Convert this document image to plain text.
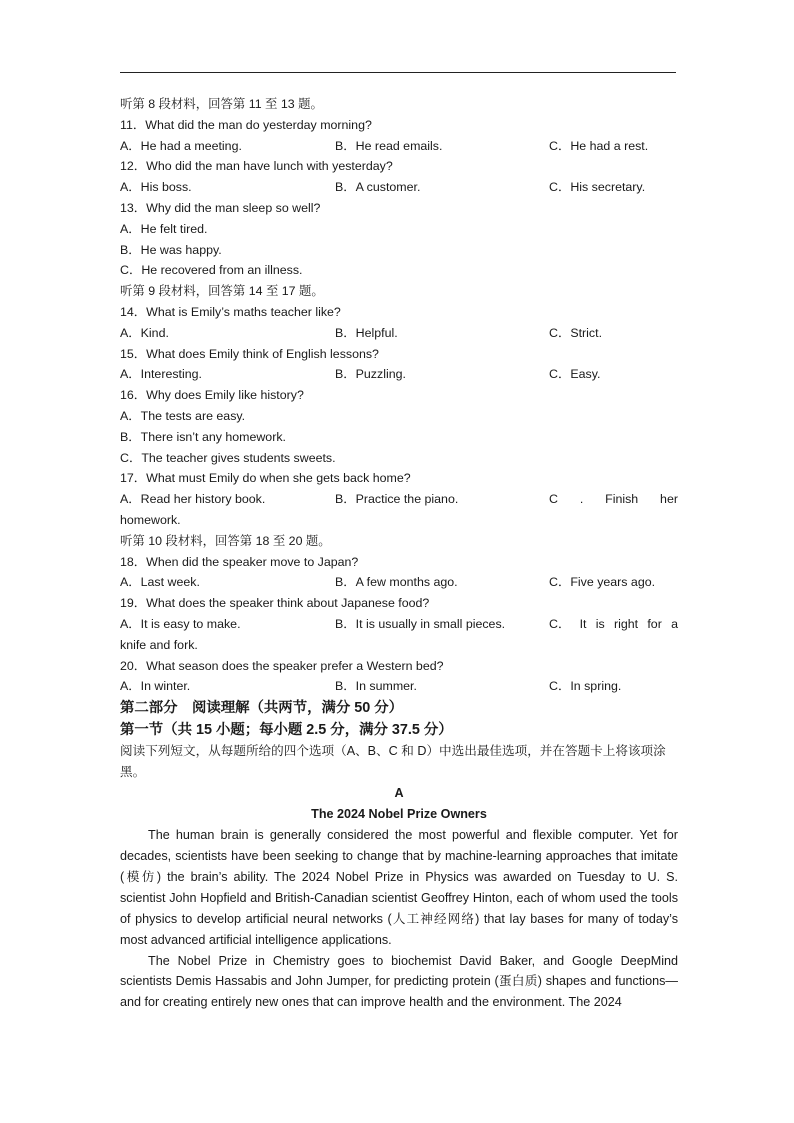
听第 8 段材料，回答第 11 至 13 题。
11．What did the man do yesterday morning?
A．He had a meeting.	B．He read emails.	C．He had a rest.
12．Who did the man have lunch with yesterday?
A．His boss.	B．A customer.	C．His secretary.
13．Why did the man sleep so well?
A．He felt tired.
B．He was happy.
C．He recovered from an illness.
听第 9 段材料，回答第 14 至 17 题。
14．What is Emily’s maths teacher like?
A．Kind.	B．Helpful.	C．Strict.
15．What does Emily think of English lessons?
A．Interesting.	B．Puzzling.	C．Easy.
16．Why does Emily like history?
A．The tests are easy.
B．There isn’t any homework.
C．The teacher gives students sweets.
17．What must Emily do when she gets back home?
A．Read her history book.	B．Practice the piano.	C . Finish her
homework.
听第 10 段材料，回答第 18 至 20 题。
18．When did the speaker move to Japan?
A．Last week.	B．A few months ago.	C．Five years ago.
19．What does the speaker think about Japanese food?
A．It is easy to make.	B．It is usually in small pieces.	C． It is right for a
knife and fork.
20．What season does the speaker prefer a Western bed?
A．In winter.	B．In summer.	C．In spring.
第二部分　阅读理解（共两节，满分 50 分）
第一节（共 15 小题；每小题 2.5 分，满分 37.5 分）
阅读下列短文，从每题所给的四个选项（A、B、C 和 D）中选出最佳选项，并在答题卡上将该项涂黑。
A
The 2024 Nobel Prize Owners

The human brain is generally considered the most powerful and flexible computer. Yet for decades, scientists have been seeking to change that by machine-learning approaches that imitate (模仿) the brain’s ability. The 2024 Nobel Prize in Physics was awarded on Tuesday to U. S. scientist John Hopfield and British-Canadian scientist Geoffrey Hinton, each of whom used the tools of physics to develop artificial neural networks (人工神经网络) that lay bases for many of today’s most advanced artificial intelligence applications.

The Nobel Prize in Chemistry goes to biochemist David Baker, and Google DeepMind scientists Demis Hassabis and John Jumper, for predicting protein (蛋白质) shapes and functions—and for creating entirely new ones that can improve health and the environment. The 2024
